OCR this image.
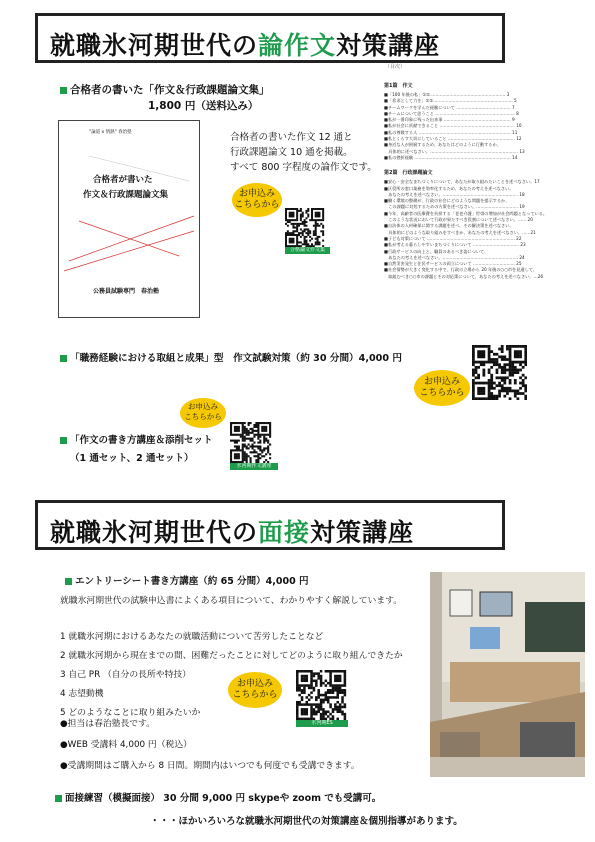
就職氷河期世代の論作文対策講座
合格者の書いた「作文＆行政課題論文集」
1,800 円（送料込み）
（目次）
"論道 x 情熱" 春治塾
合格者が書いた
作文＆行政課題論文集
公務員試験専門　春治塾
合格者の書いた作文 12 通と
行政課題論文 10 通を掲載。
すべて 800 字程度の論作文です。
お申込み
こちらから
合格論文作文集
第1篇　作文
■「100 年後の私」①②……………………………………………… 3
■「希求として力を」①②………………………………………………… 5
■チームワークを学んだ経験について ………………………………… 7
■チームについて思うこと ………………………………………………… 8
■私が一番印象に残った出来事 ………………………………………… 9
■私が社会に貢献できること ……………………………………………… 10
■私の尊敬する人 ………………………………………………………… 11
■私とくらす大切にしていること ………………………………………… 12
■身近な人が困窮するため、あなたはどのように行動するか、
　具体的に述べなさい。……………………………………………………… 13
■私の挫折経験 …………………………………………………………… 14
第2篇　行政課題論文
■安心・安全なまちづくりについて、あなたが取り組みたいことを述べなさい。17
■区役所の窓口業務を効率化するため、あなたの考えを述べなさい。
　あなたの考えを述べなさい。……………………………………………… 18
■働く環境の整備が、行政の社会にどのような問題を提示するか、
　この課題に対処するための方策を述べなさい。………………………… 19
■今年、高齢者の医療費を負担する「老老介護」世帯の増加が社会問題となっている。
　このような状況において行政が果たすべき役割について述べなさい。…… 20
■自治体の人材確保に関する課題を述べ、その解決策を述べなさい。
　具体的にどのような取り組みをすべきか、あなたの考えを述べなさい。……21
■子ども対策について ……………………………………………………… 22
■私が考える暮らしやすいまちづくりについて …………………………… 23
■行政サービスの向上と、職員のあるべき姿について、
　あなたの考えを述べなさい。……………………………………………… 24
■自然災害発生と住民サービスの両立について ………………………… 25
■社会情勢が大きく変化する中で、行政の立場から 20 年後の○○市を見通して、
　取組むべき○○市の課題とその対応策について、あなたの考えを述べなさい。…26
「職務経験における取組と成果」型　作文試験対策（約 30 分間）4,000 円
お申込み
こちらから
お申込み
こちらから
「作文の書き方講座＆添削セット
（1 通セット、2 通セット）
氷河期作文講座
就職氷河期世代の面接対策講座
エントリーシート書き方講座（約 65 分間）4,000 円
就職氷河期世代の試験申込書によくある項目について、わかりやすく解説しています。
1 就職氷河期におけるあなたの就職活動について苦労したことなど
2 就職氷河期から現在までの間、困難だったことに対してどのように取り組んできたか
3 自己 PR （自分の長所や特技）
4 志望動機
5 どのようなことに取り組みたいか
●担当は春治塾長です。
●WEB 受講料 4,000 円（税込）
●受講期間はご購入から 8 日間。期間内はいつでも何度でも受講できます。
お申込み
こちらから
氷河期ES
面接練習（模擬面接） 30 分間 9,000 円 skypeや zoom でも受講可。
・・・ほかいろいろな就職氷河期世代の対策講座＆個別指導があります。
